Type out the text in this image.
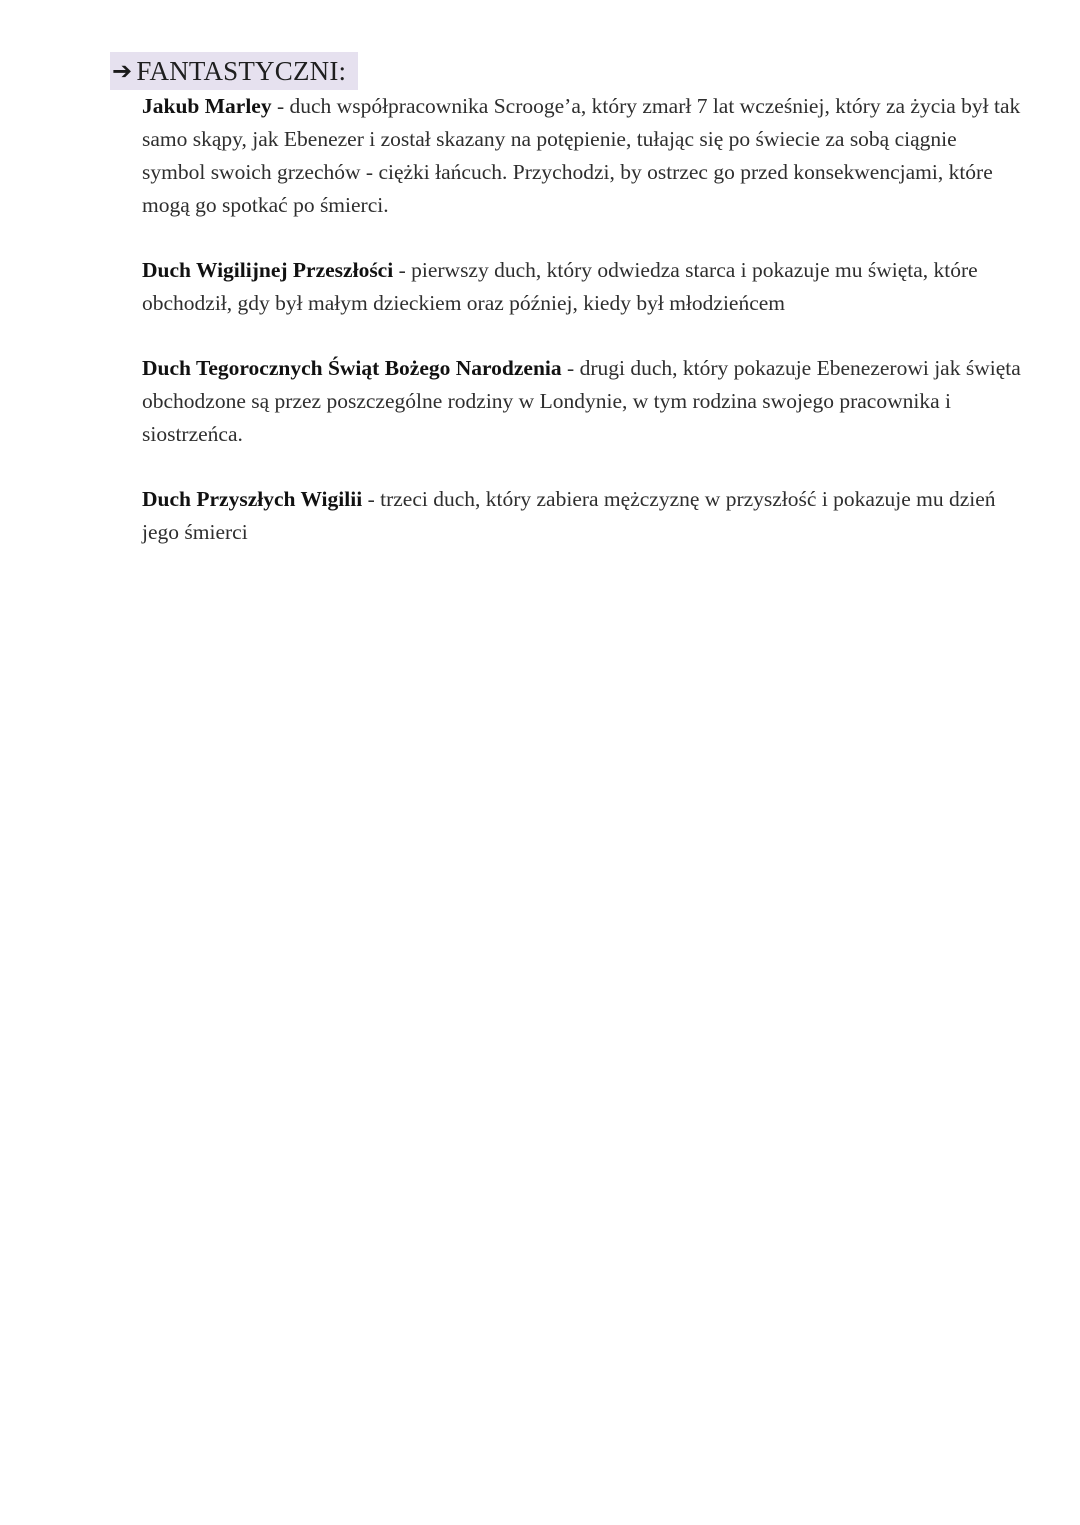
➔ FANTASTYCZNI:

Jakub Marley - duch współpracownika Scrooge’a, który zmarł 7 lat wcześniej, który za życia był tak samo skąpy, jak Ebenezer i został skazany na potępienie, tułając się po świecie za sobą ciągnie symbol swoich grzechów - ciężki łańcuch. Przychodzi, by ostrzec go przed konsekwencjami, które mogą go spotkać po śmierci.

Duch Wigilijnej Przeszłości - pierwszy duch, który odwiedza starca i pokazuje mu święta, które obchodził, gdy był małym dzieckiem oraz później, kiedy był młodzieńcem

Duch Tegorocznych Świąt Bożego Narodzenia - drugi duch, który pokazuje Ebenezerowi jak święta obchodzone są przez poszczególne rodziny w Londynie, w tym rodzina swojego pracownika i siostrzeńca.

Duch Przyszłych Wigilii - trzeci duch, który zabiera mężczyznę w przyszłość i pokazuje mu dzień jego śmierci
